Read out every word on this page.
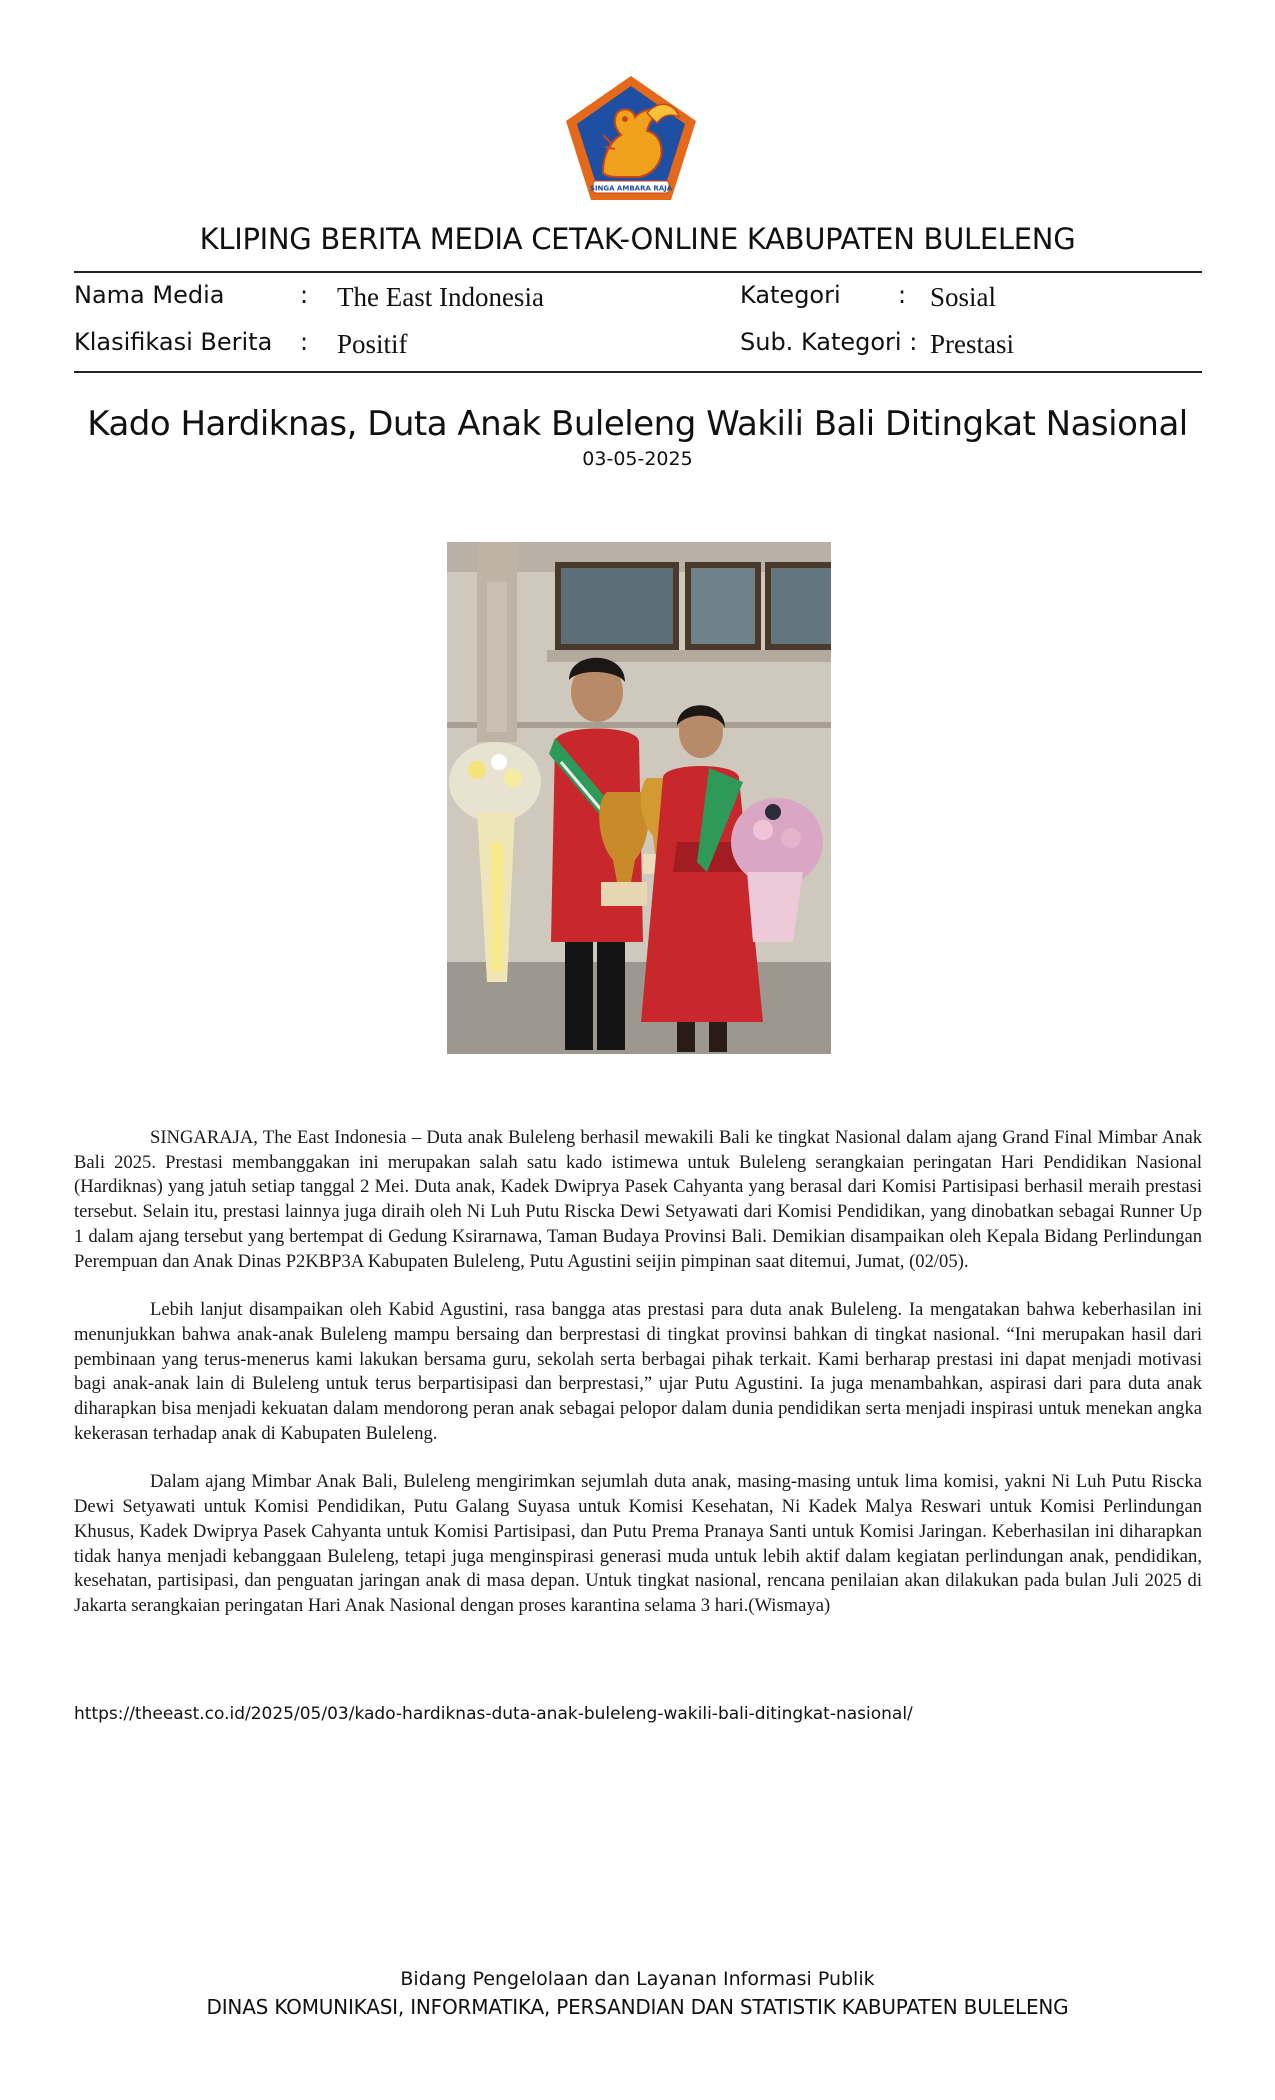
SINGA AMBARA RAJA
KLIPING BERITA MEDIA CETAK-ONLINE KABUPATEN BULELENG
Nama Media	: The East Indonesia	Kategori : Sosial
Klasifikasi Berita : Positif	Sub. Kategori : Prestasi
Kado Hardiknas, Duta Anak Buleleng Wakili Bali Ditingkat Nasional
03-05-2025

SINGARAJA, The East Indonesia – Duta anak Buleleng berhasil mewakili Bali ke tingkat Nasional dalam ajang Grand Final Mimbar Anak Bali 2025. Prestasi membanggakan ini merupakan salah satu kado istimewa untuk Buleleng serangkaian peringatan Hari Pendidikan Nasional (Hardiknas) yang jatuh setiap tanggal 2 Mei. Duta anak, Kadek Dwiprya Pasek Cahyanta yang berasal dari Komisi Partisipasi berhasil meraih prestasi tersebut. Selain itu, prestasi lainnya juga diraih oleh Ni Luh Putu Riscka Dewi Setyawati dari Komisi Pendidikan, yang dinobatkan sebagai Runner Up 1 dalam ajang tersebut yang bertempat di Gedung Ksirarnawa, Taman Budaya Provinsi Bali. Demikian disampaikan oleh Kepala Bidang Perlindungan Perempuan dan Anak Dinas P2KBP3A Kabupaten Buleleng, Putu Agustini seijin pimpinan saat ditemui, Jumat, (02/05).

Lebih lanjut disampaikan oleh Kabid Agustini, rasa bangga atas prestasi para duta anak Buleleng. Ia mengatakan bahwa keberhasilan ini menunjukkan bahwa anak-anak Buleleng mampu bersaing dan berprestasi di tingkat provinsi bahkan di tingkat nasional. “Ini merupakan hasil dari pembinaan yang terus-menerus kami lakukan bersama guru, sekolah serta berbagai pihak terkait. Kami berharap prestasi ini dapat menjadi motivasi bagi anak-anak lain di Buleleng untuk terus berpartisipasi dan berprestasi,” ujar Putu Agustini. Ia juga menambahkan, aspirasi dari para duta anak diharapkan bisa menjadi kekuatan dalam mendorong peran anak sebagai pelopor dalam dunia pendidikan serta menjadi inspirasi untuk menekan angka kekerasan terhadap anak di Kabupaten Buleleng.

Dalam ajang Mimbar Anak Bali, Buleleng mengirimkan sejumlah duta anak, masing-masing untuk lima komisi, yakni Ni Luh Putu Riscka Dewi Setyawati untuk Komisi Pendidikan, Putu Galang Suyasa untuk Komisi Kesehatan, Ni Kadek Malya Reswari untuk Komisi Perlindungan Khusus, Kadek Dwiprya Pasek Cahyanta untuk Komisi Partisipasi, dan Putu Prema Pranaya Santi untuk Komisi Jaringan. Keberhasilan ini diharapkan tidak hanya menjadi kebanggaan Buleleng, tetapi juga menginspirasi generasi muda untuk lebih aktif dalam kegiatan perlindungan anak, pendidikan, kesehatan, partisipasi, dan penguatan jaringan anak di masa depan. Untuk tingkat nasional, rencana penilaian akan dilakukan pada bulan Juli 2025 di Jakarta serangkaian peringatan Hari Anak Nasional dengan proses karantina selama 3 hari.(Wismaya)

https://theeast.co.id/2025/05/03/kado-hardiknas-duta-anak-buleleng-wakili-bali-ditingkat-nasional/
Bidang Pengelolaan dan Layanan Informasi Publik
DINAS KOMUNIKASI, INFORMATIKA, PERSANDIAN DAN STATISTIK KABUPATEN BULELENG
